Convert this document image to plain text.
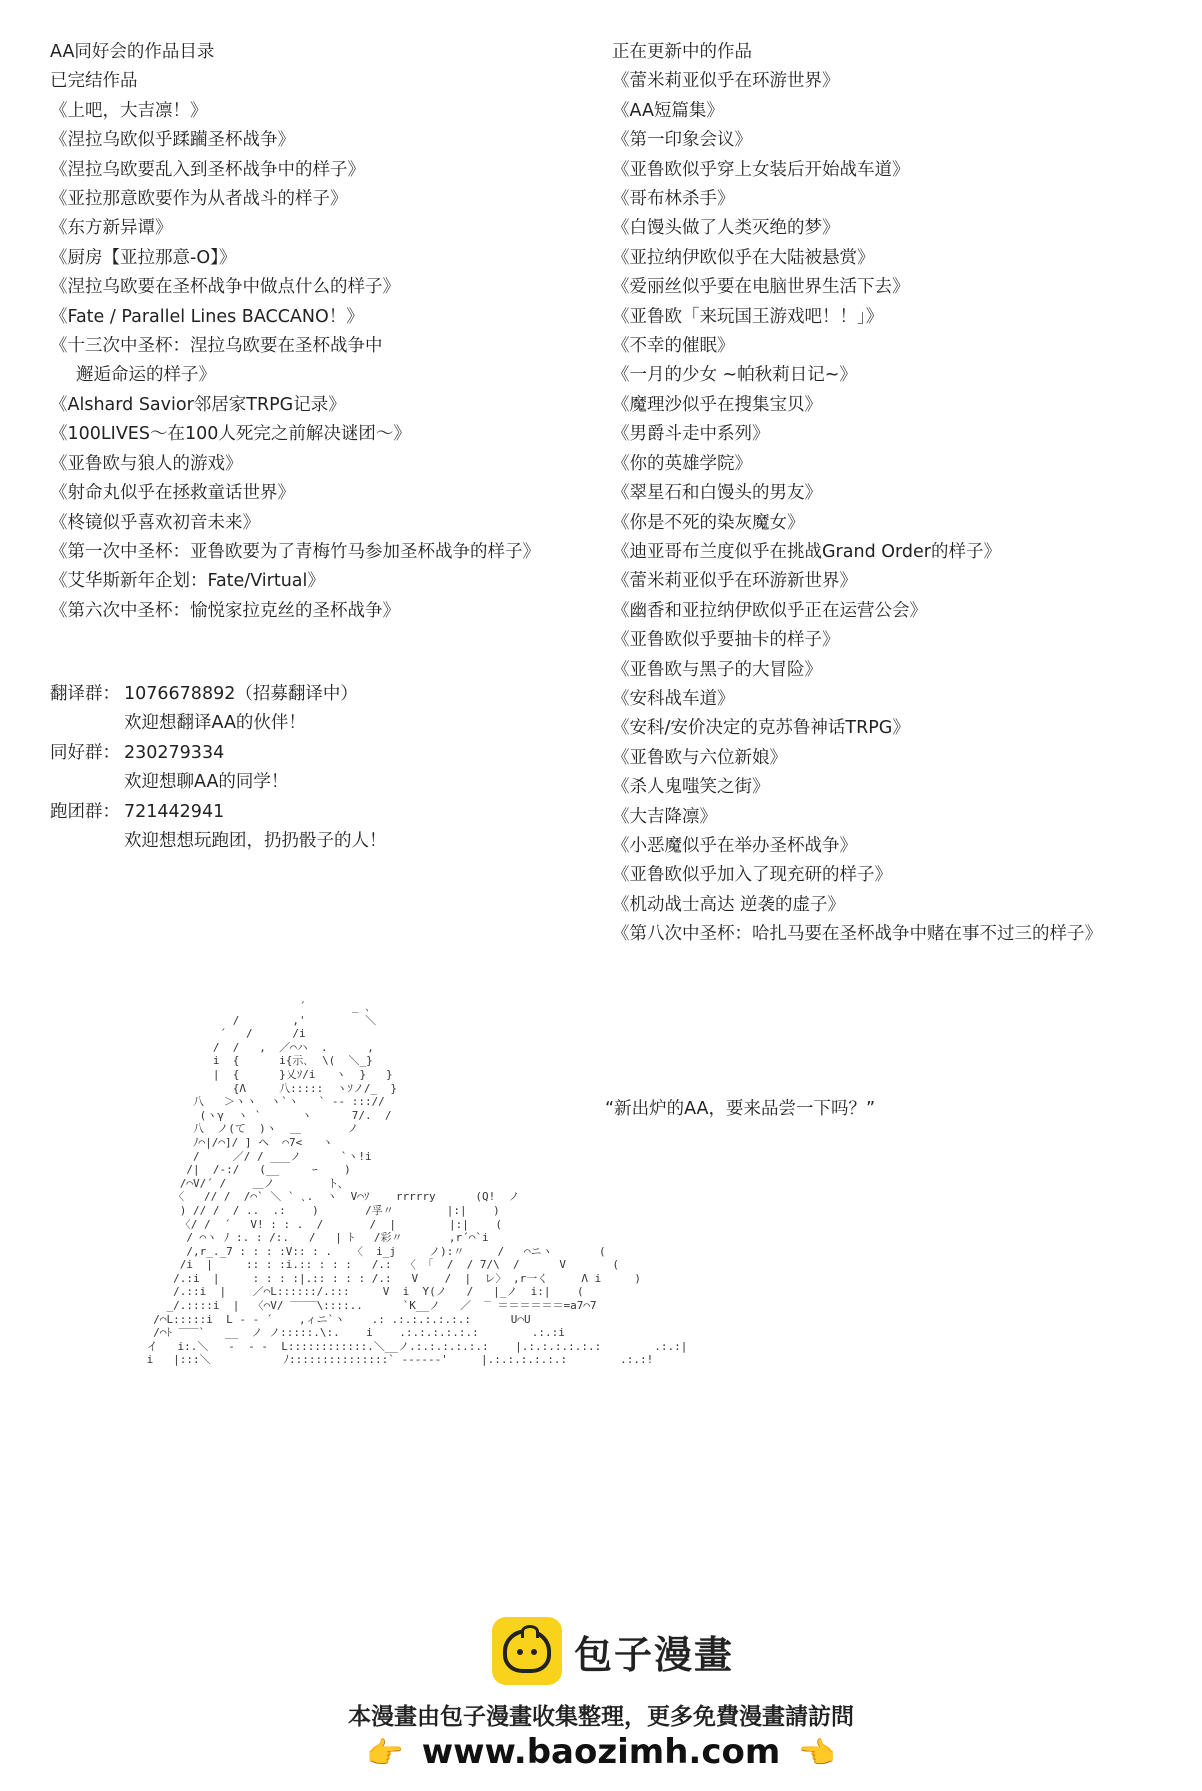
AA同好会的作品目录
已完结作品
《上吧，大吉凛！》
《涅拉乌欧似乎蹂躏圣杯战争》
《涅拉乌欧要乱入到圣杯战争中的样子》
《亚拉那意欧要作为从者战斗的样子》
《东方新异谭》
《厨房【亚拉那意-O】》
《涅拉乌欧要在圣杯战争中做点什么的样子》
《Fate / Parallel Lines BACCANO！》
《十三次中圣杯：涅拉乌欧要在圣杯战争中
邂逅命运的样子》
《Alshard Savior邻居家TRPG记录》
《100LIVES～在100人死完之前解决谜团～》
《亚鲁欧与狼人的游戏》
《射命丸似乎在拯救童话世界》
《柊镜似乎喜欢初音未来》
《第一次中圣杯：亚鲁欧要为了青梅竹马参加圣杯战争的样子》
《艾华斯新年企划：Fate/Virtual》
《第六次中圣杯：愉悦家拉克丝的圣杯战争》
翻译群： 1076678892（招募翻译中）
欢迎想翻译AA的伙伴！
同好群： 230279334
欢迎想聊AA的同学！
跑团群： 721442941
欢迎想想玩跑团，扔扔骰子的人！
正在更新中的作品
《蕾米莉亚似乎在环游世界》
《AA短篇集》
《第一印象会议》
《亚鲁欧似乎穿上女装后开始战车道》
《哥布林杀手》
《白馒头做了人类灭绝的梦》
《亚拉纳伊欧似乎在大陆被悬赏》
《爱丽丝似乎要在电脑世界生活下去》
《亚鲁欧「来玩国王游戏吧！！」》
《不幸的催眠》
《一月的少女 ~帕秋莉日记~》
《魔理沙似乎在搜集宝贝》
《男爵斗走中系列》
《你的英雄学院》
《翠星石和白馒头的男友》
《你是不死的染灰魔女》
《迪亚哥布兰度似乎在挑战Grand Order的样子》
《蕾米莉亚似乎在环游新世界》
《幽香和亚拉纳伊欧似乎正在运营公会》
《亚鲁欧似乎要抽卡的样子》
《亚鲁欧与黑子的大冒险》
《安科战车道》
《安科/安价决定的克苏鲁神话TRPG》
《亚鲁欧与六位新娘》
《杀人鬼嗤笑之街》
《大吉降凛》
《小恶魔似乎在举办圣杯战争》
《亚鲁欧似乎加入了现充研的样子》
《机动战士高达 逆袭的虚子》
《第八次中圣杯：哈扎马要在圣杯战争中赌在事不过三的样子》
´       _ ､
/        ,'         ＼
´   /      /i
/  /   ,  ／⌒ハ  .      ,
i  {      i{示､  \(  ＼_}
|  {      }乂ｿ/i   ヽ  }   }
{Λ     八:::::  ヽｿノ/_  }
八   ＞ヽヽ  ヽ`ヽ   ` -- ::://
(ヽγ  ヽ `      ヽ      7/.  /
八  ノ(て  )ヽ  ＿       ノ
ﾉ⌒|/⌒]/ ] ヘ  ⌒7<   ヽ
/     ／/ / ___ノ      `ヽ!i
/|  /-:/   (__     ｰ    )
/⌒V/´ /    ＿ノ        ト、
〈   // /  /⌒` ＼ ` ､.  ヽ  V⌒ｿ    rrrrry      (Q!  ノ
) // /  / ..  .:    )       /孚〃        |:|    )
〈/ /  ´   V! : : .  /       /  |        |:|    (
/ ⌒ヽ ﾉ :. : /:.   /   | ﾄ   /彩〃       ,r´⌒`i
/,r_._7 : : : :V:: : .   〈  i_j     ノ):〃     /   ⌒ニヽ       (
/i  |     :: : :i.:: : : :   /.:  〈 「  /  / 7/\  /      V       (
/.:i  |     : : : :|.:: : : : /.:   V    /  |  レ〉 ,r一く     Λ i     )
/.::i  |    ／⌒L::::::/.:::     V  i  Y(ノ   /   |_ノ  i:|    (
_/.::::i  |  〈⌒V/ ‾‾‾‾\::::..      `K__ノ   ／  ‾ ＝＝＝＝＝＝=a7⌒7
/⌒L:::::i  L - ‐ ´    ,ィニ`ヽ    .: .:.:.:.:.:.:      U⌒U
/⌒ﾄ ‾‾‾`   __  ノ ノ:::::.\:.    i    .:.:.:.:.:.:        .:.:i
イ   i:.＼   ‐  ‐ ‐  L::::::::::::.＼__ノ.:.:.:.:.:.:    |.:.:.:.:.:.:        .:.:|
i   |:::＼           ﾉ:::::::::::::::` ‐‐‐‐‐-'     |.:.:.:.:.:.:        .:.:!

“新出炉的AA，要来品尝一下吗？”
包子漫畫
本漫畫由包子漫畫收集整理，更多免費漫畫請訪問
👉 www.baozimh.com 👈
